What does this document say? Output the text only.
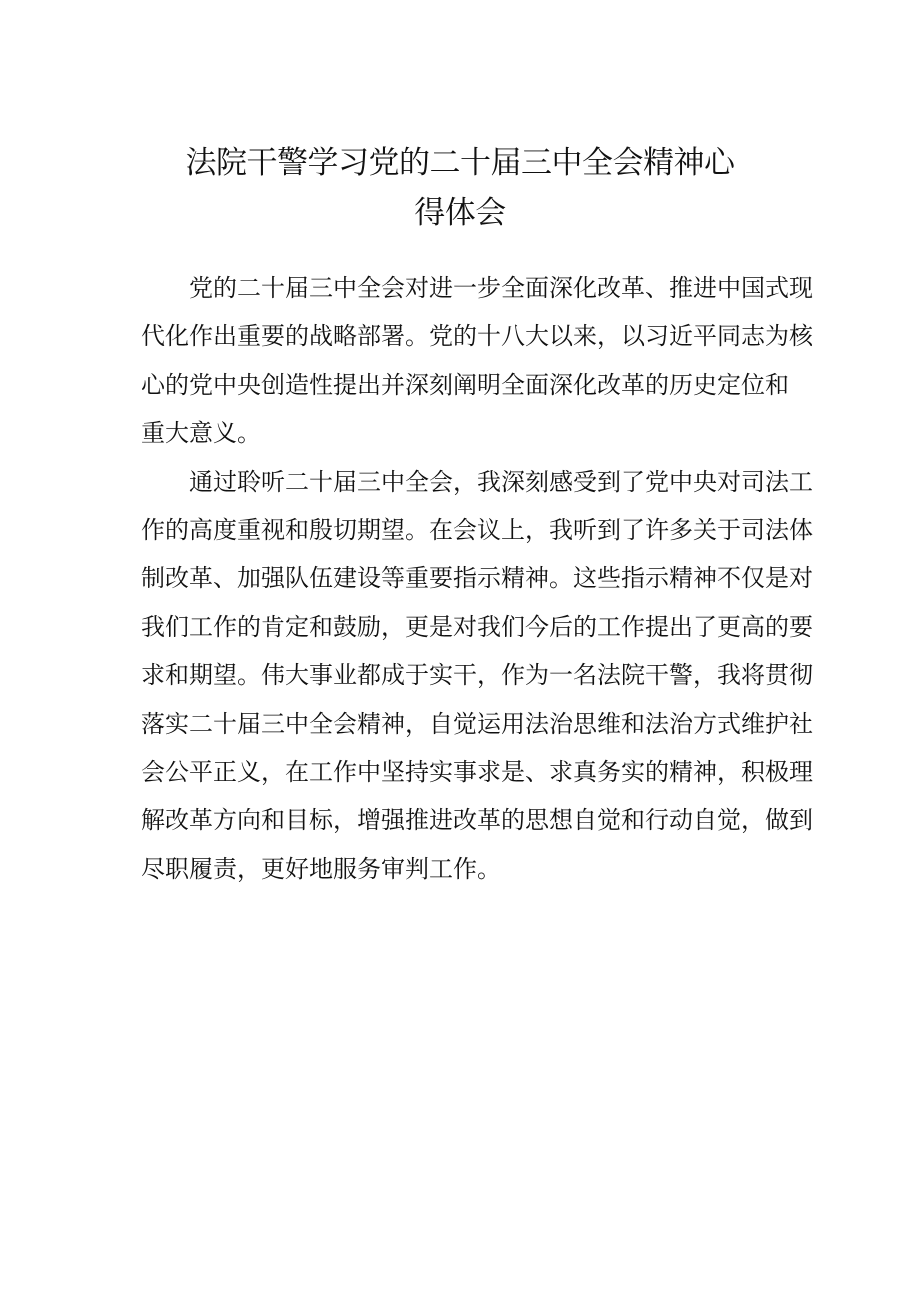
法院干警学习党的二十届三中全会精神心
得体会
党的二十届三中全会对进一步全面深化改革、推进中国式现
代化作出重要的战略部署。党的十八大以来，以习近平同志为核
心的党中央创造性提出并深刻阐明全面深化改革的历史定位和
重大意义。
通过聆听二十届三中全会，我深刻感受到了党中央对司法工
作的高度重视和殷切期望。在会议上，我听到了许多关于司法体
制改革、加强队伍建设等重要指示精神。这些指示精神不仅是对
我们工作的肯定和鼓励，更是对我们今后的工作提出了更高的要
求和期望。伟大事业都成于实干，作为一名法院干警，我将贯彻
落实二十届三中全会精神，自觉运用法治思维和法治方式维护社
会公平正义，在工作中坚持实事求是、求真务实的精神，积极理
解改革方向和目标，增强推进改革的思想自觉和行动自觉，做到
尽职履责，更好地服务审判工作。
